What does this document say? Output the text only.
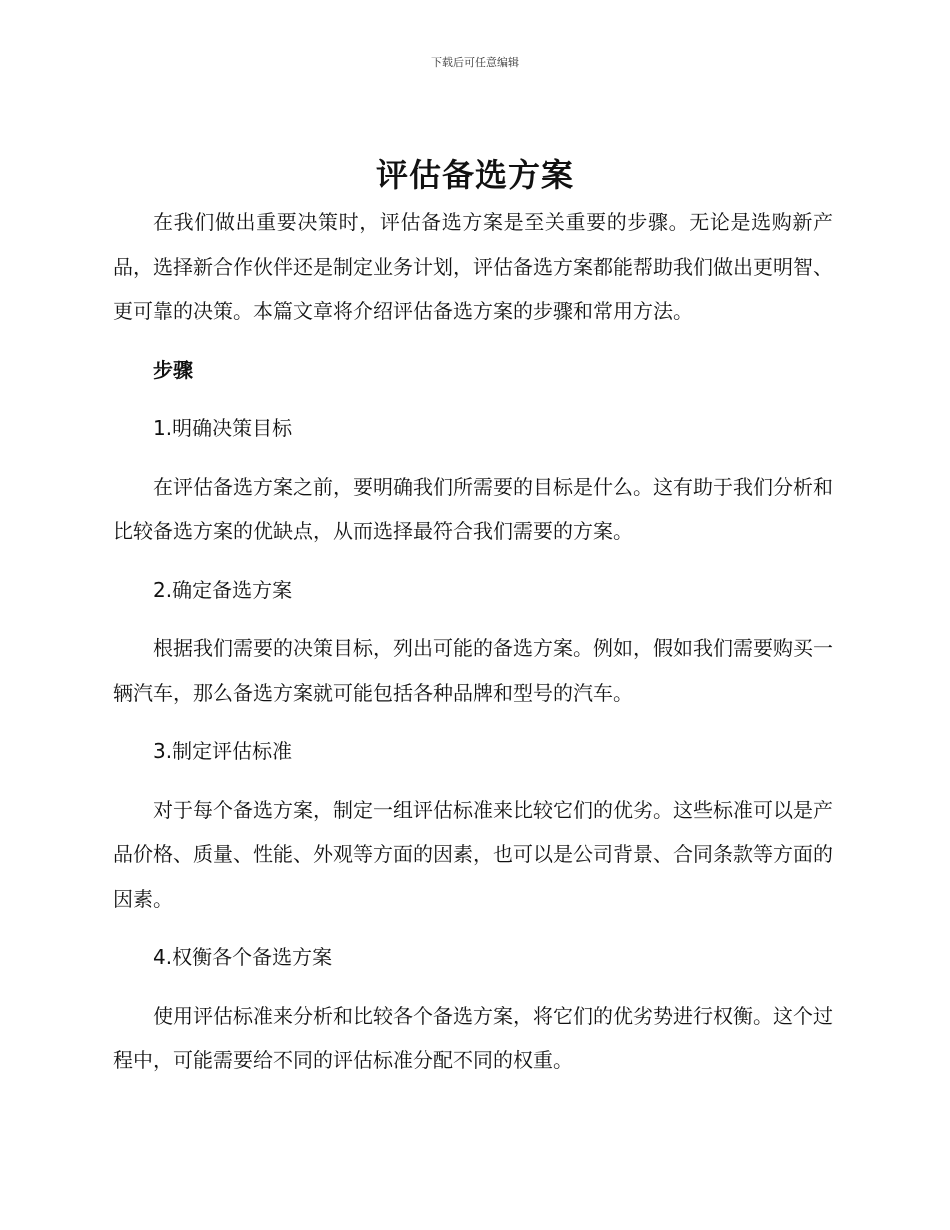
下载后可任意编辑
评估备选方案

在我们做出重要决策时，评估备选方案是至关重要的步骤。无论是选购新产品，选择新合作伙伴还是制定业务计划，评估备选方案都能帮助我们做出更明智、更可靠的决策。本篇文章将介绍评估备选方案的步骤和常用方法。

步骤

1.明确决策目标

在评估备选方案之前，要明确我们所需要的目标是什么。这有助于我们分析和比较备选方案的优缺点，从而选择最符合我们需要的方案。

2.确定备选方案

根据我们需要的决策目标，列出可能的备选方案。例如，假如我们需要购买一辆汽车，那么备选方案就可能包括各种品牌和型号的汽车。

3.制定评估标准

对于每个备选方案，制定一组评估标准来比较它们的优劣。这些标准可以是产品价格、质量、性能、外观等方面的因素，也可以是公司背景、合同条款等方面的因素。

4.权衡各个备选方案

使用评估标准来分析和比较各个备选方案，将它们的优劣势进行权衡。这个过程中，可能需要给不同的评估标准分配不同的权重。
